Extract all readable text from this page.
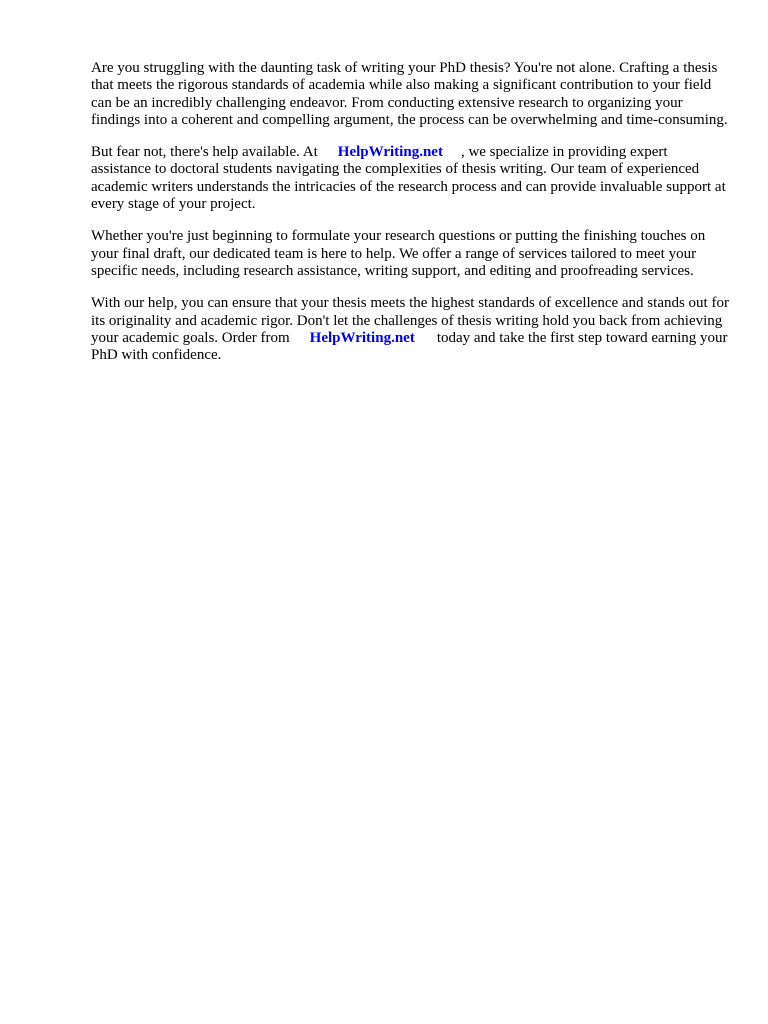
Are you struggling with the daunting task of writing your PhD thesis? You're not alone. Crafting a thesis that meets the rigorous standards of academia while also making a significant contribution to your field can be an incredibly challenging endeavor. From conducting extensive research to organizing your findings into a coherent and compelling argument, the process can be overwhelming and time-consuming.

But fear not, there's help available. At HelpWriting.net , we specialize in providing expert assistance to doctoral students navigating the complexities of thesis writing. Our team of experienced academic writers understands the intricacies of the research process and can provide invaluable support at every stage of your project.

Whether you're just beginning to formulate your research questions or putting the finishing touches on your final draft, our dedicated team is here to help. We offer a range of services tailored to meet your specific needs, including research assistance, writing support, and editing and proofreading services.

With our help, you can ensure that your thesis meets the highest standards of excellence and stands out for its originality and academic rigor. Don't let the challenges of thesis writing hold you back from achieving your academic goals. Order from HelpWriting.net today and take the first step toward earning your PhD with confidence.
